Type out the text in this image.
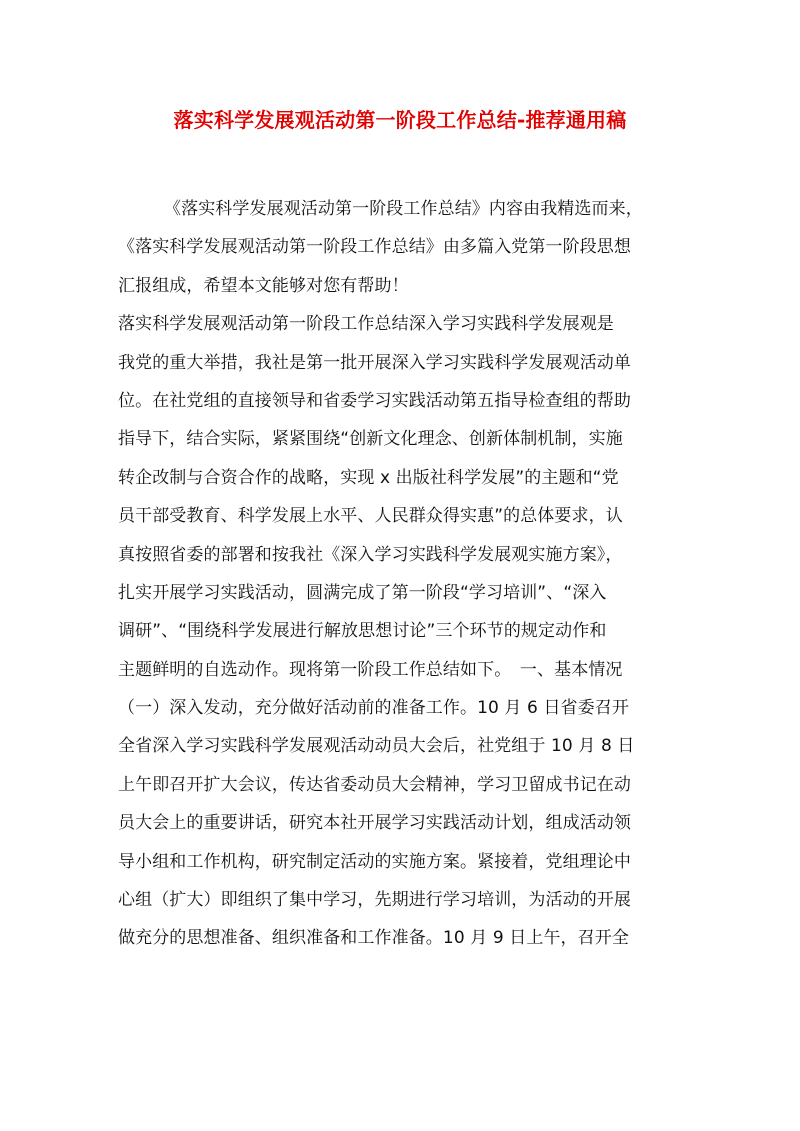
落实科学发展观活动第一阶段工作总结-推荐通用稿
《落实科学发展观活动第一阶段工作总结》内容由我精选而来，
《落实科学发展观活动第一阶段工作总结》由多篇入党第一阶段思想
汇报组成，希望本文能够对您有帮助！
落实科学发展观活动第一阶段工作总结深入学习实践科学发展观是
我党的重大举措，我社是第一批开展深入学习实践科学发展观活动单
位。在社党组的直接领导和省委学习实践活动第五指导检查组的帮助
指导下，结合实际，紧紧围绕“创新文化理念、创新体制机制，实施
转企改制与合资合作的战略，实现 x 出版社科学发展”的主题和“党
员干部受教育、科学发展上水平、人民群众得实惠”的总体要求，认
真按照省委的部署和按我社《深入学习实践科学发展观实施方案》，
扎实开展学习实践活动，圆满完成了第一阶段“学习培训”、“深入
调研”、“围绕科学发展进行解放思想讨论”三个环节的规定动作和
主题鲜明的自选动作。现将第一阶段工作总结如下。　一、基本情况
（一）深入发动，充分做好活动前的准备工作。10 月 6 日省委召开
全省深入学习实践科学发展观活动动员大会后，社党组于 10 月 8 日
上午即召开扩大会议，传达省委动员大会精神，学习卫留成书记在动
员大会上的重要讲话，研究本社开展学习实践活动计划，组成活动领
导小组和工作机构，研究制定活动的实施方案。紧接着，党组理论中
心组（扩大）即组织了集中学习，先期进行学习培训，为活动的开展
做充分的思想准备、组织准备和工作准备。10 月 9 日上午，召开全
